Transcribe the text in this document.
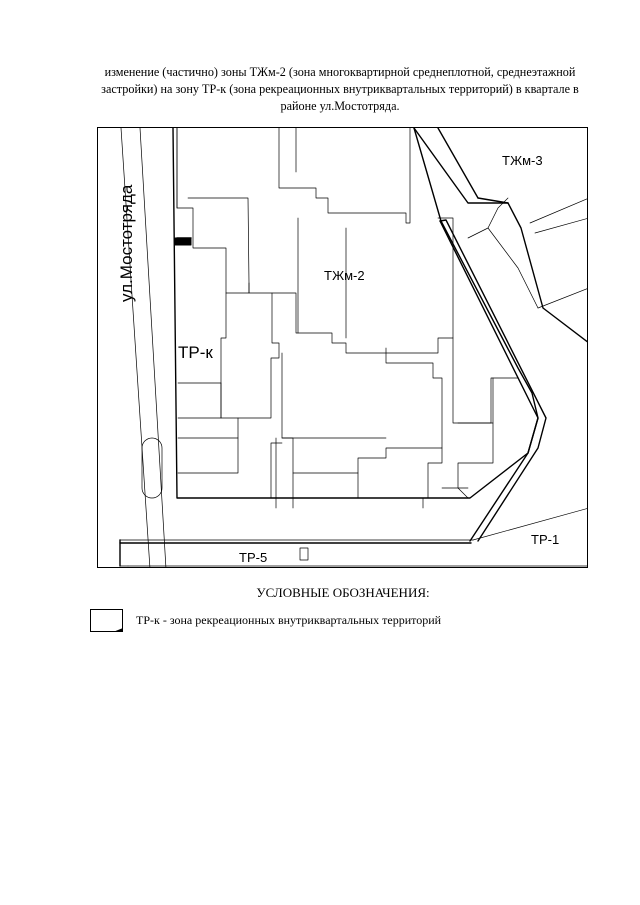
изменение (частично) зоны ТЖм-2 (зона многоквартирной среднеплотной, среднеэтажной
застройки) на зону ТР-к (зона рекреационных внутриквартальных территорий) в квартале в
районе ул.Мостотряда.
ул.Мостотряда
ТЖм-3
ТЖм-2
ТР-к
ТР-1
ТР-5
УСЛОВНЫЕ ОБОЗНАЧЕНИЯ:
ТР-к - зона рекреационных внутриквартальных территорий
